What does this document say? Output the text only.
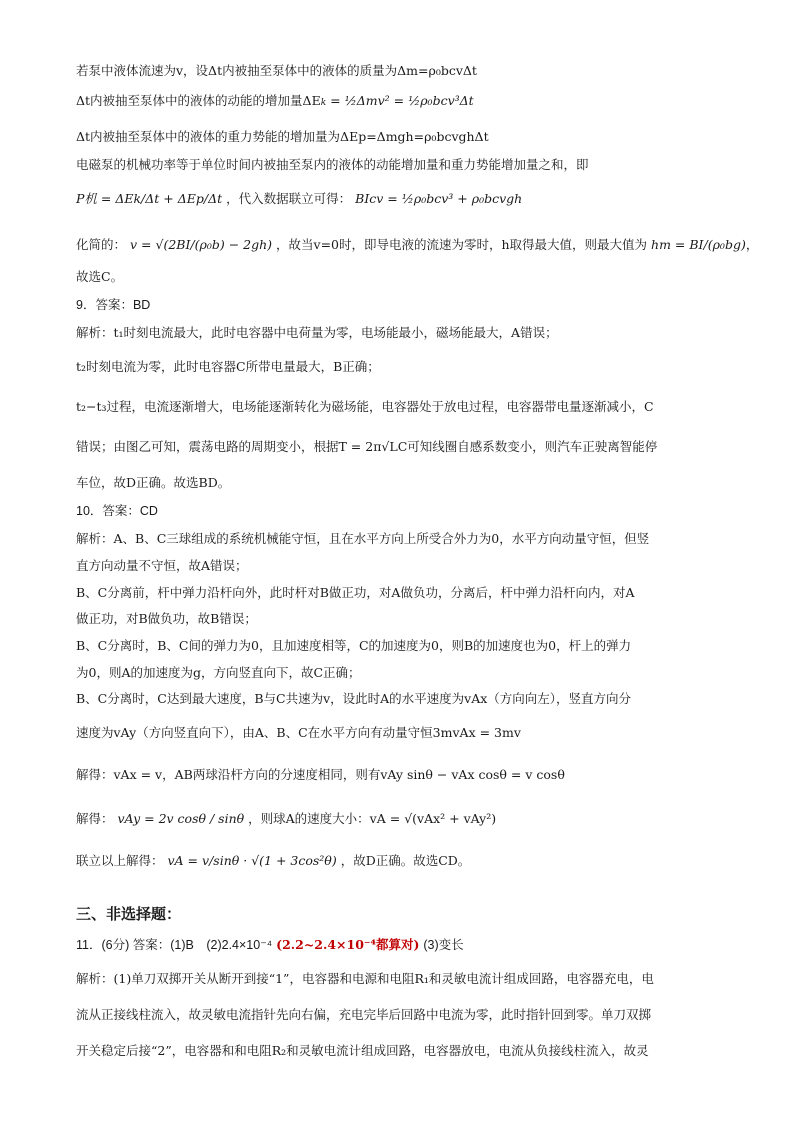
若泵中液体流速为v，设Δt内被抽至泵体中的液体的质量为Δm=ρ₀bcvΔt
Δt内被抽至泵体中的液体的动能的增加量ΔEk = ½Δmv² = ½ρ₀bcv³Δt
Δt内被抽至泵体中的液体的重力势能的增加量为ΔEp=Δmgh=ρ₀bcvghΔt
电磁泵的机械功率等于单位时间内被抽至泵内的液体的动能增加量和重力势能增加量之和，即
P机 = ΔEk/Δt + ΔEp/Δt ，代入数据联立可得： BIcv = ½ρ₀bcv³ + ρ₀bcvgh
化简的： v = √(2BI/(ρ₀b) − 2gh) ，故当v=0时，即导电液的流速为零时，h取得最大值，则最大值为 hm = BI/(ρ₀bg)，
故选C。
9．答案：BD
解析：t₁时刻电流最大，此时电容器中电荷量为零，电场能最小，磁场能最大，A错误；
t₂时刻电流为零，此时电容器C所带电量最大，B正确；
t₂−t₃过程，电流逐渐增大，电场能逐渐转化为磁场能，电容器处于放电过程，电容器带电量逐渐减小，C
错误；由图乙可知，震荡电路的周期变小，根据T = 2π√LC可知线圈自感系数变小，则汽车正驶离智能停
车位，故D正确。故选BD。
10．答案：CD
解析：A、B、C三球组成的系统机械能守恒，且在水平方向上所受合外力为0，水平方向动量守恒，但竖
直方向动量不守恒，故A错误；
B、C分离前，杆中弹力沿杆向外，此时杆对B做正功，对A做负功，分离后，杆中弹力沿杆向内，对A
做正功，对B做负功，故B错误；
B、C分离时，B、C间的弹力为0，且加速度相等，C的加速度为0，则B的加速度也为0，杆上的弹力
为0，则A的加速度为g，方向竖直向下，故C正确；
B、C分离时，C达到最大速度，B与C共速为v，设此时A的水平速度为vAx（方向向左），竖直方向分
速度为vAy（方向竖直向下），由A、B、C在水平方向有动量守恒3mvAx = 3mv
解得：vAx = v，AB两球沿杆方向的分速度相同，则有vAy sinθ − vAx cosθ = v cosθ
解得： vAy = 2v cosθ / sinθ ，则球A的速度大小：vA = √(vAx² + vAy²)
联立以上解得： vA = v/sinθ · √(1 + 3cos²θ) ，故D正确。故选CD。
三、非选择题：
11．(6分) 答案：(1)B　(2)2.4×10⁻⁴ (2.2~2.4×10⁻⁴都算对) (3)变长
解析：(1)单刀双掷开关从断开到接“1”，电容器和电源和电阻R₁和灵敏电流计组成回路，电容器充电，电
流从正接线柱流入，故灵敏电流指针先向右偏，充电完毕后回路中电流为零，此时指针回到零。单刀双掷
开关稳定后接“2”，电容器和和电阻R₂和灵敏电流计组成回路，电容器放电，电流从负接线柱流入，故灵
